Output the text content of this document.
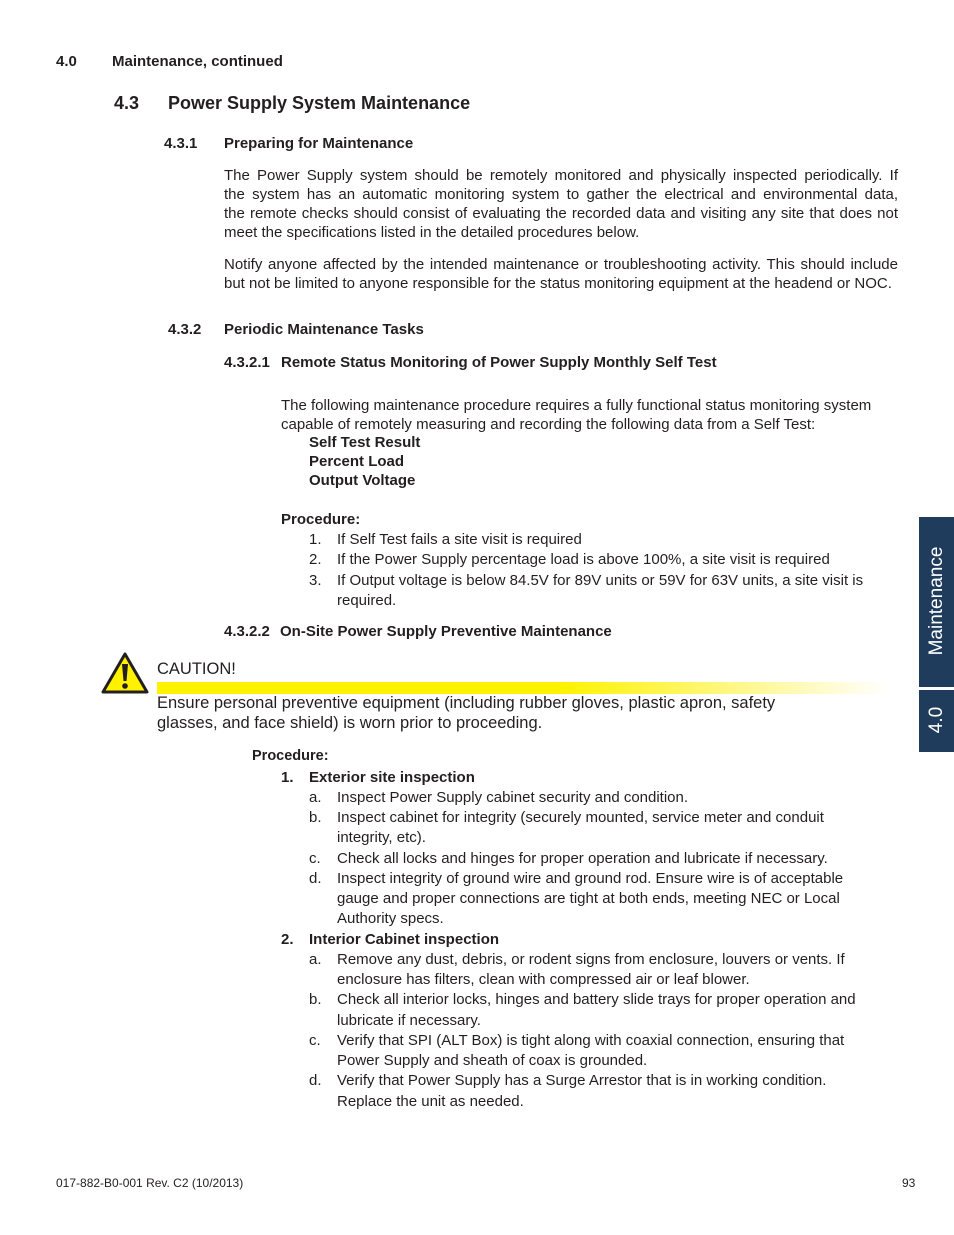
4.0 Maintenance, continued
4.3 Power Supply System Maintenance
4.3.1 Preparing for Maintenance
The Power Supply system should be remotely monitored and physically inspected periodically. If
the system has an automatic monitoring system to gather the electrical and environmental data,
the remote checks should consist of evaluating the recorded data and visiting any site that does not
meet the specifications listed in the detailed procedures below.
Notify anyone affected by the intended maintenance or troubleshooting activity. This should include
but not be limited to anyone responsible for the status monitoring equipment at the headend or NOC.
4.3.2 Periodic Maintenance Tasks
4.3.2.1 Remote Status Monitoring of Power Supply Monthly Self Test
The following maintenance procedure requires a fully functional status monitoring system
capable of remotely measuring and recording the following data from a Self Test:
Self Test Result
Percent Load
Output Voltage
Procedure:
1. If Self Test fails a site visit is required
2. If the Power Supply percentage load is above 100%, a site visit is required
3. If Output voltage is below 84.5V for 89V units or 59V for 63V units, a site visit is
required.
4.3.2.2 On-Site Power Supply Preventive Maintenance
CAUTION!
Ensure personal preventive equipment (including rubber gloves, plastic apron, safety
glasses, and face shield) is worn prior to proceeding.
Procedure:
1. Exterior site inspection
a. Inspect Power Supply cabinet security and condition.
b. Inspect cabinet for integrity (securely mounted, service meter and conduit
integrity, etc).
c. Check all locks and hinges for proper operation and lubricate if necessary.
d. Inspect integrity of ground wire and ground rod. Ensure wire is of acceptable
gauge and proper connections are tight at both ends, meeting NEC or Local
Authority specs.
2. Interior Cabinet inspection
a. Remove any dust, debris, or rodent signs from enclosure, louvers or vents. If
enclosure has filters, clean with compressed air or leaf blower.
b. Check all interior locks, hinges and battery slide trays for proper operation and
lubricate if necessary.
c. Verify that SPI (ALT Box) is tight along with coaxial connection, ensuring that
Power Supply and sheath of coax is grounded.
d. Verify that Power Supply has a Surge Arrestor that is in working condition.
Replace the unit as needed.
Maintenance
4.0
017-882-B0-001 Rev. C2 (10/2013)	93
